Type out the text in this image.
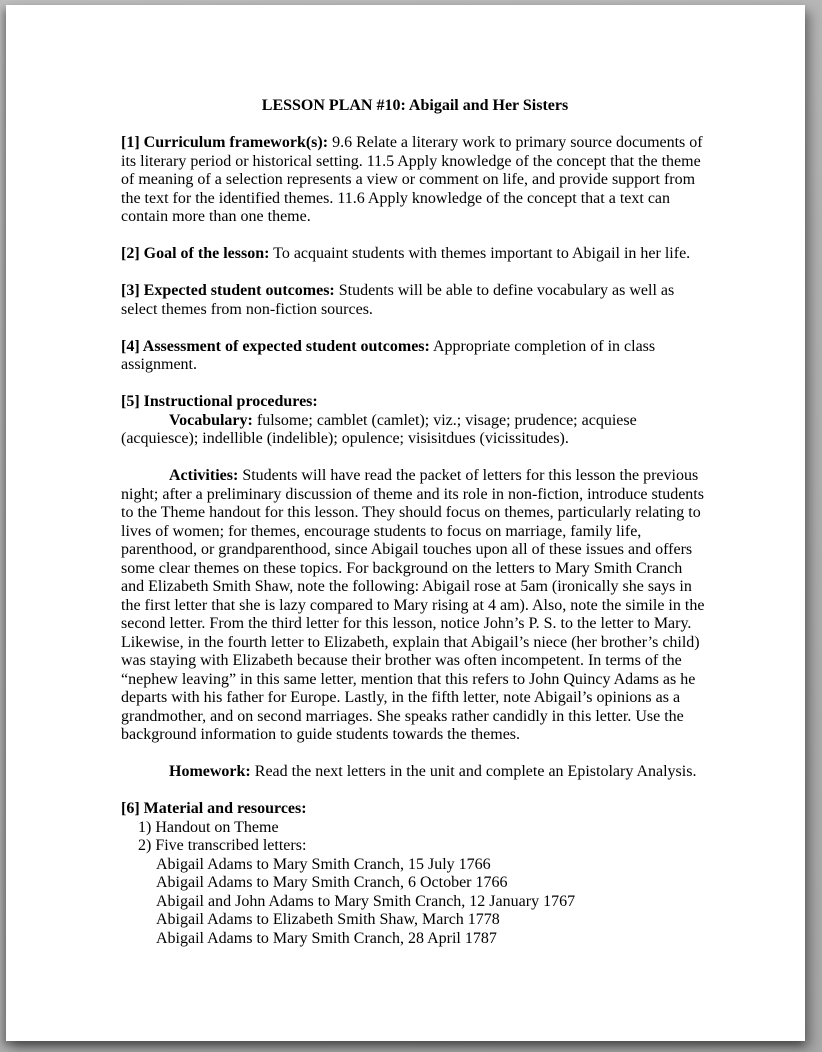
LESSON PLAN #10: Abigail and Her Sisters

[1] Curriculum framework(s): 9.6 Relate a literary work to primary source documents of its literary period or historical setting. 11.5 Apply knowledge of the concept that the theme of meaning of a selection represents a view or comment on life, and provide support from the text for the identified themes. 11.6 Apply knowledge of the concept that a text can contain more than one theme.

[2] Goal of the lesson: To acquaint students with themes important to Abigail in her life.

[3] Expected student outcomes: Students will be able to define vocabulary as well as select themes from non-fiction sources.

[4] Assessment of expected student outcomes: Appropriate completion of in class assignment.

[5] Instructional procedures:

Vocabulary: fulsome; camblet (camlet); viz.; visage; prudence; acquiese (acquiesce); indellible (indelible); opulence; visisitdues (vicissitudes).

Activities: Students will have read the packet of letters for this lesson the previous night; after a preliminary discussion of theme and its role in non-fiction, introduce students to the Theme handout for this lesson. They should focus on themes, particularly relating to lives of women; for themes, encourage students to focus on marriage, family life, parenthood, or grandparenthood, since Abigail touches upon all of these issues and offers some clear themes on these topics. For background on the letters to Mary Smith Cranch and Elizabeth Smith Shaw, note the following: Abigail rose at 5am (ironically she says in the first letter that she is lazy compared to Mary rising at 4 am). Also, note the simile in the second letter. From the third letter for this lesson, notice John’s P. S. to the letter to Mary. Likewise, in the fourth letter to Elizabeth, explain that Abigail’s niece (her brother’s child) was staying with Elizabeth because their brother was often incompetent. In terms of the “nephew leaving” in this same letter, mention that this refers to John Quincy Adams as he departs with his father for Europe. Lastly, in the fifth letter, note Abigail’s opinions as a grandmother, and on second marriages. She speaks rather candidly in this letter. Use the background information to guide students towards the themes.

Homework: Read the next letters in the unit and complete an Epistolary Analysis.

[6] Material and resources:

1) Handout on Theme
2) Five transcribed letters:
Abigail Adams to Mary Smith Cranch, 15 July 1766
Abigail Adams to Mary Smith Cranch, 6 October 1766
Abigail and John Adams to Mary Smith Cranch, 12 January 1767
Abigail Adams to Elizabeth Smith Shaw, March 1778
Abigail Adams to Mary Smith Cranch, 28 April 1787
